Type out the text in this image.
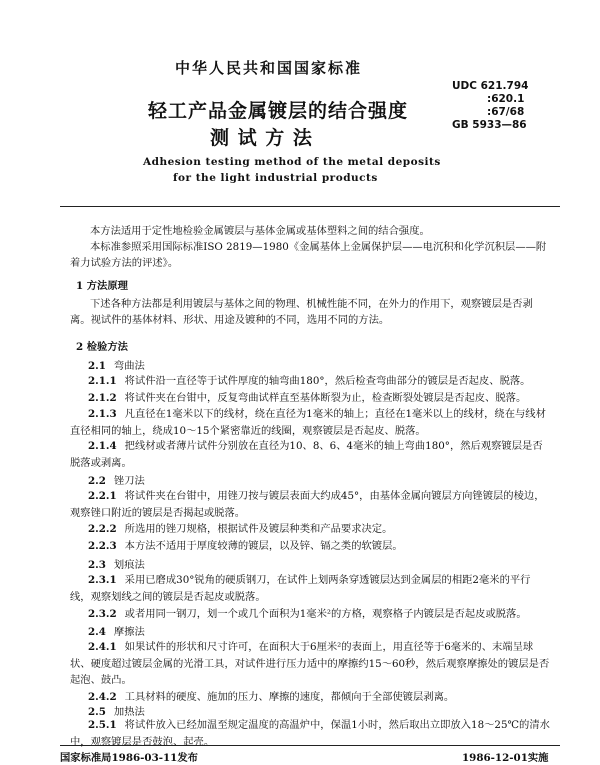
中华人民共和国国家标准

UDC 621.794

:620.1

:67/68

GB 5933—86

轻工产品金属镀层的结合强度

测 试 方 法

Adhesion testing method of the metal deposits

for the light industrial products

本方法适用于定性地检验金属镀层与基体金属或基体塑料之间的结合强度。

本标准参照采用国际标准ISO 2819—1980《金属基体上金属保护层——电沉积和化学沉积层——附着力试验方法的评述》。

1 方法原理

下述各种方法都是利用镀层与基体之间的物理、机械性能不同，在外力的作用下，观察镀层是否剥离。视试件的基体材料、形状、用途及镀种的不同，选用不同的方法。

2 检验方法

2.1 弯曲法

2.1.1 将试件沿一直径等于试件厚度的轴弯曲180°，然后检查弯曲部分的镀层是否起皮、脱落。

2.1.2 将试件夹在台钳中，反复弯曲试样直至基体断裂为止，检查断裂处镀层是否起皮、脱落。

2.1.3 凡直径在1毫米以下的线材，绕在直径为1毫米的轴上；直径在1毫米以上的线材，绕在与线材直径相同的轴上，绕成10～15个紧密靠近的线圈，观察镀层是否起皮、脱落。

2.1.4 把线材或者薄片试件分别放在直径为10、8、6、4毫米的轴上弯曲180°，然后观察镀层是否脱落或剥离。

2.2 锉刀法

2.2.1 将试件夹在台钳中，用锉刀按与镀层表面大约成45°，由基体金属向镀层方向锉镀层的棱边，观察锉口附近的镀层是否揭起或脱落。

2.2.2 所选用的锉刀规格，根据试件及镀层种类和产品要求决定。

2.2.3 本方法不适用于厚度较薄的镀层，以及锌、镉之类的软镀层。

2.3 划痕法

2.3.1 采用已磨成30°锐角的硬质钢刀，在试件上划两条穿透镀层达到金属层的相距2毫米的平行线，观察划线之间的镀层是否起皮或脱落。

2.3.2 或者用同一钢刀，划一个或几个面积为1毫米²的方格，观察格子内镀层是否起皮或脱落。

2.4 摩擦法

2.4.1 如果试件的形状和尺寸许可，在面积大于6厘米²的表面上，用直径等于6毫米的、末端呈球状、硬度超过镀层金属的光滑工具，对试件进行压力适中的摩擦约15～60秒，然后观察摩擦处的镀层是否起泡、鼓凸。

2.4.2 工具材料的硬度、施加的压力、摩擦的速度，都倾向于全部使镀层剥离。

2.5 加热法

2.5.1 将试件放入已经加温至规定温度的高温炉中，保温1小时，然后取出立即放入18～25℃的清水中，观察镀层是否鼓泡、起壳。

国家标准局1986-03-11发布	1986-12-01实施
